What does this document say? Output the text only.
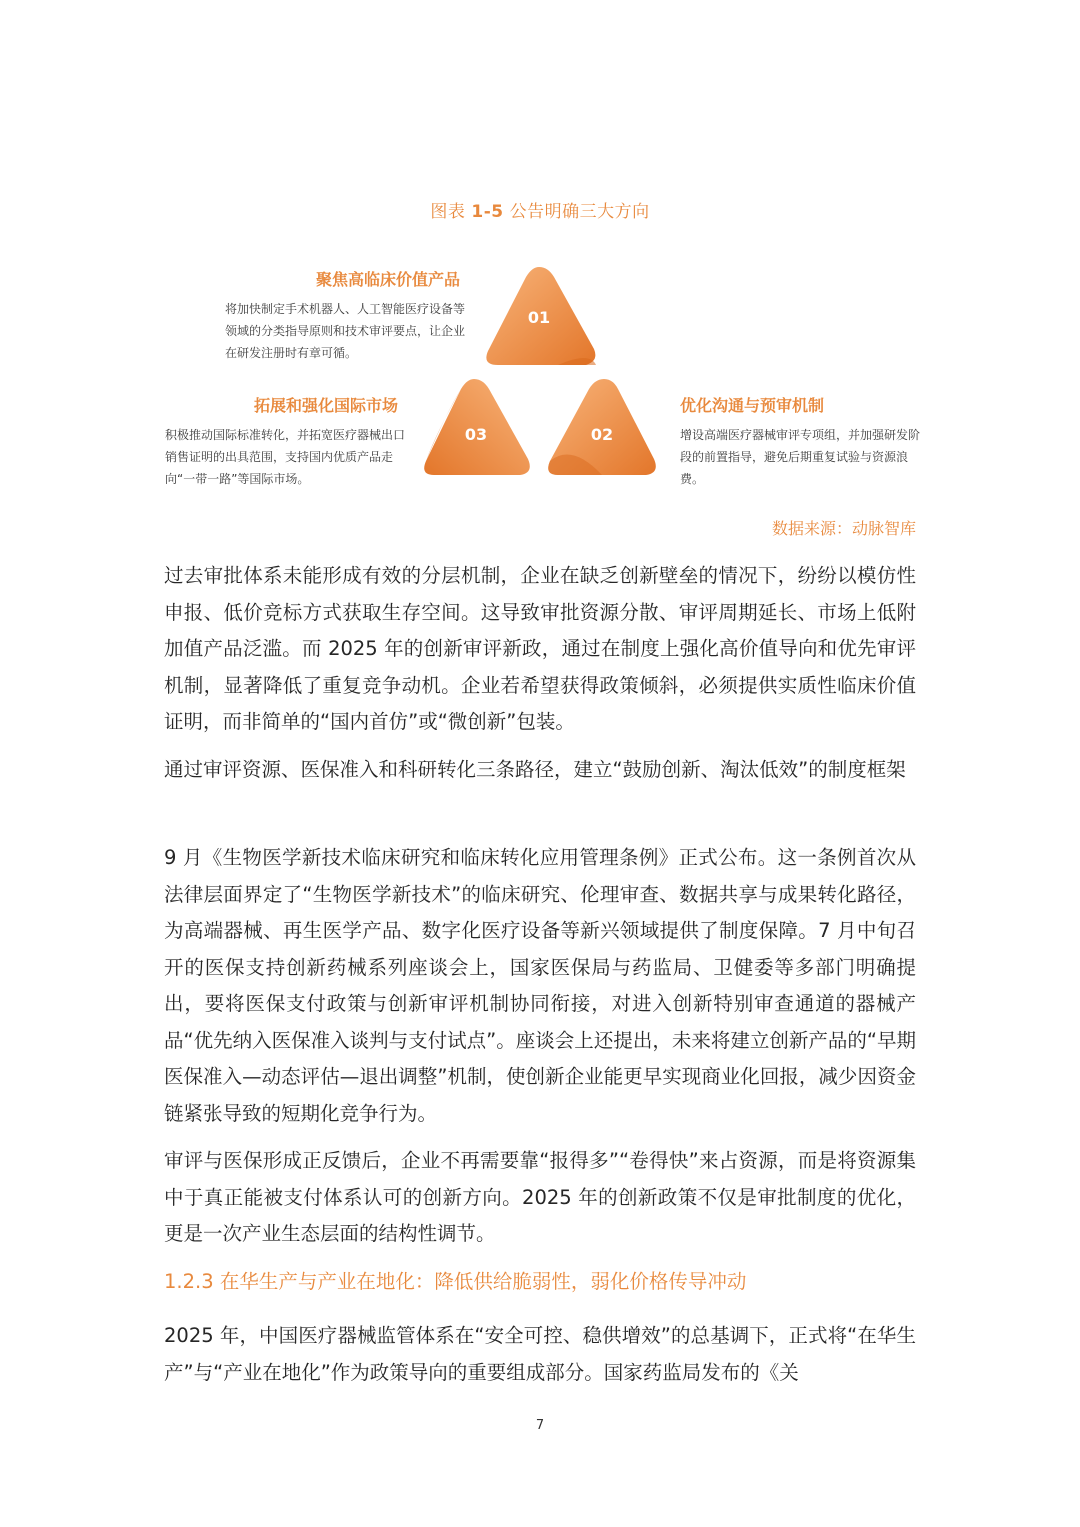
图表 1-5 公告明确三大方向
聚焦高临床价值产品
将加快制定手术机器人、人工智能医疗设备等领域的分类指导原则和技术审评要点，让企业在研发注册时有章可循。
01
03	02
拓展和强化国际市场
积极推动国际标准转化，并拓宽医疗器械出口销售证明的出具范围，支持国内优质产品走向“一带一路”等国际市场。
优化沟通与预审机制
增设高端医疗器械审评专项组，并加强研发阶段的前置指导，避免后期重复试验与资源浪费。
数据来源：动脉智库
过去审批体系未能形成有效的分层机制，企业在缺乏创新壁垒的情况下，纷纷以模仿性申报、低价竞标方式获取生存空间。这导致审批资源分散、审评周期延长、市场上低附加值产品泛滥。而 2025 年的创新审评新政，通过在制度上强化高价值导向和优先审评机制，显著降低了重复竞争动机。企业若希望获得政策倾斜，必须提供实质性临床价值证明，而非简单的“国内首仿”或“微创新”包装。
通过审评资源、医保准入和科研转化三条路径，建立“鼓励创新、淘汰低效”的制度框架
9 月《生物医学新技术临床研究和临床转化应用管理条例》正式公布。这一条例首次从法律层面界定了“生物医学新技术”的临床研究、伦理审查、数据共享与成果转化路径，为高端器械、再生医学产品、数字化医疗设备等新兴领域提供了制度保障。7 月中旬召开的医保支持创新药械系列座谈会上，国家医保局与药监局、卫健委等多部门明确提出，要将医保支付政策与创新审评机制协同衔接，对进入创新特别审查通道的器械产品“优先纳入医保准入谈判与支付试点”。座谈会上还提出，未来将建立创新产品的“早期医保准入—动态评估—退出调整”机制，使创新企业能更早实现商业化回报，减少因资金链紧张导致的短期化竞争行为。
审评与医保形成正反馈后，企业不再需要靠“报得多”“卷得快”来占资源，而是将资源集中于真正能被支付体系认可的创新方向。2025 年的创新政策不仅是审批制度的优化，更是一次产业生态层面的结构性调节。
1.2.3 在华生产与产业在地化：降低供给脆弱性，弱化价格传导冲动
2025 年，中国医疗器械监管体系在“安全可控、稳供增效”的总基调下，正式将“在华生产”与“产业在地化”作为政策导向的重要组成部分。国家药监局发布的《关
7
